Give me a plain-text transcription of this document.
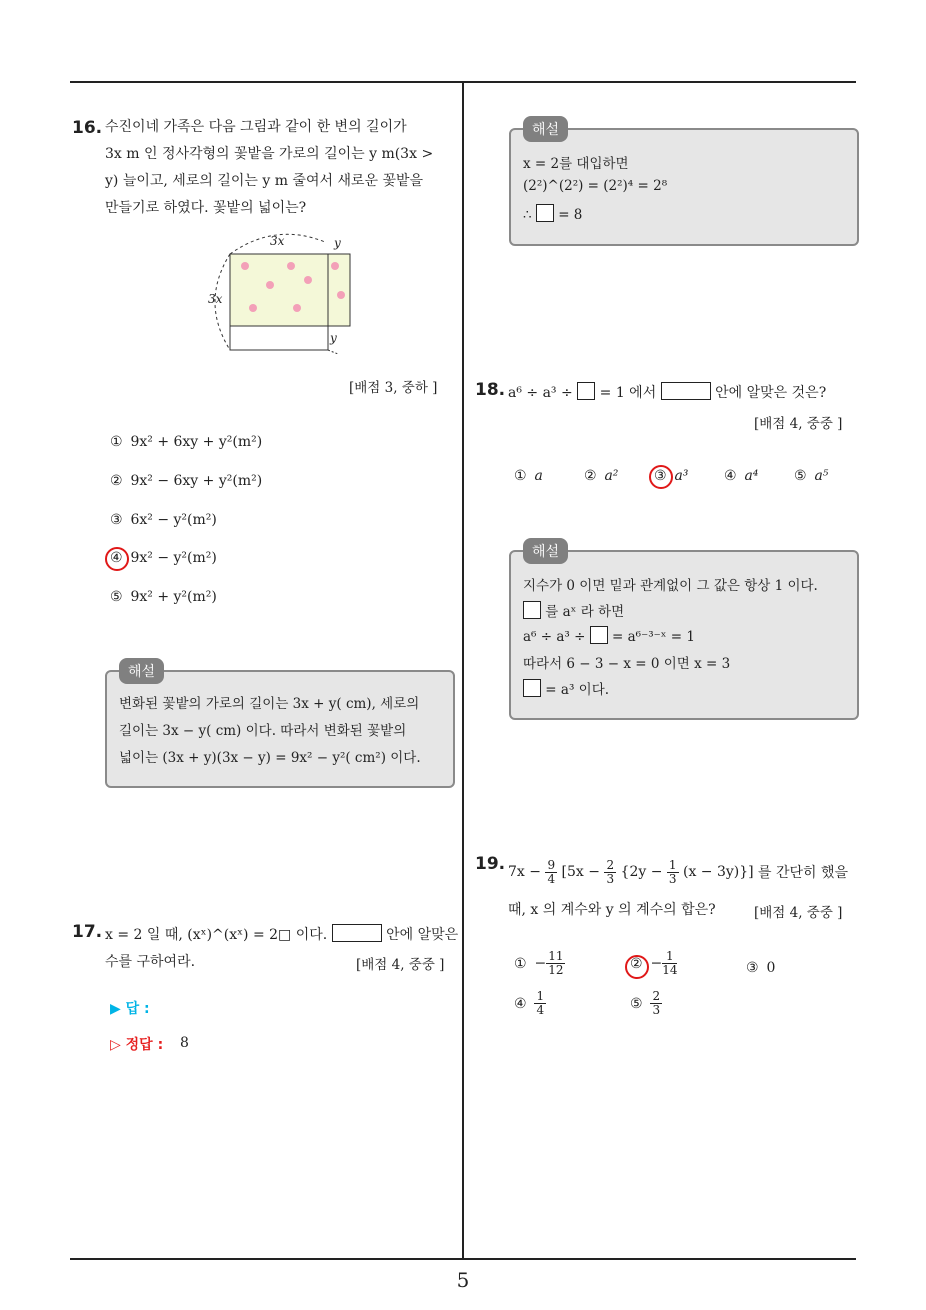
5
16. 수진이네 가족은 다음 그림과 같이 한 변의 길이가
3x m 인 정사각형의 꽃밭을 가로의 길이는 y m(3x >
y) 늘이고, 세로의 길이는 y m 줄여서 새로운 꽃밭을
만들기로 하였다. 꽃밭의 넓이는?
3x
3x
y
y
[배점 3, 중하 ]
① 9x² + 6xy + y²(m²)
② 9x² − 6xy + y²(m²)
③ 6x² − y²(m²)
④ 9x² − y²(m²)
⑤ 9x² + y²(m²)
해설
변화된 꽃밭의 가로의 길이는 3x + y( cm), 세로의
길이는 3x − y( cm) 이다. 따라서 변화된 꽃밭의
넓이는 (3x + y)(3x − y) = 9x² − y²( cm²) 이다.
17. x = 2 일 때, (xˣ)^(xˣ) = 2□ 이다.	안에 알맞은
수를 구하여라.	[배점 4, 중중 ]
▶ 답 :
▷ 정답 : 8
해설
x = 2를 대입하면
(2²)^(2²) = (2²)⁴ = 2⁸
∴ = 8
18. a⁶ ÷ a³ ÷ = 1 에서	안에 알맞은 것은?
[배점 4, 중중 ]
① a	② a²	③ a³	④ a⁴	⑤ a⁵
해설
지수가 0 이면 밑과 관계없이 그 값은 항상 1 이다.
를 aˣ 라 하면
a⁶ ÷ a³ ÷ = a⁶⁻³⁻ˣ = 1
따라서 6 − 3 − x = 0 이면 x = 3
= a³ 이다.
19. $7x - \frac{9}{4} [5x - \frac{2}{3} \{2y - \frac{1}{3} (x - 3y)\}]$ 를 간단히 했을
때, x 의 계수와 y 의 계수의 합은?	[배점 4, 중중 ]
① − $\frac{11}{12}$	② − $\frac{1}{14}$	③ 0
④ $\frac{1}{4}$	⑤ $\frac{2}{3}$
